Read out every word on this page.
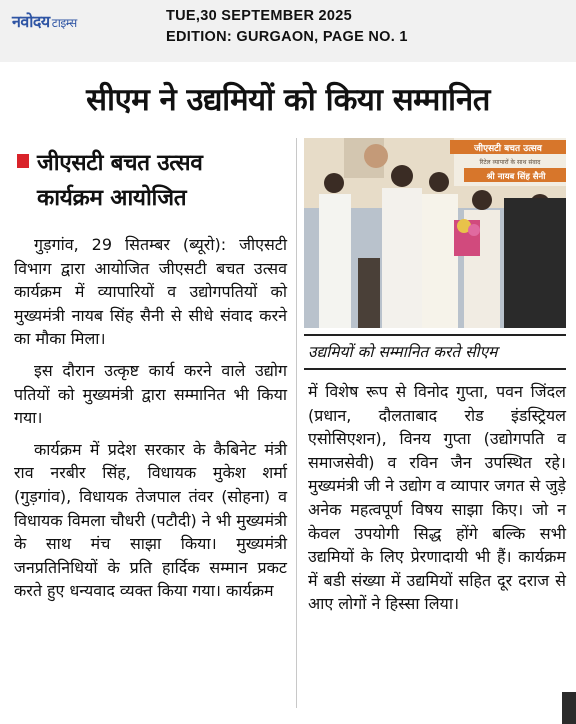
नवोदय टाइम्स	TUE,30 SEPTEMBER 2025
EDITION: GURGAON, PAGE NO. 1
सीएम ने उद्यमियों को किया सम्मानित
जीएसटी बचत उत्सव
कार्यक्रम आयोजित

गुड़गांव, 29 सितम्बर (ब्यूरो): जीएसटी विभाग द्वारा आयोजित जीएसटी बचत उत्सव कार्यक्रम में व्यापारियों व उद्योगपतियों को मुख्यमंत्री नायब सिंह सैनी से सीधे संवाद करने का मौका मिला।

इस दौरान उत्कृष्ट कार्य करने वाले उद्योग पतियों को मुख्यमंत्री द्वारा सम्मानित भी किया गया।

कार्यक्रम में प्रदेश सरकार के कैबिनेट मंत्री राव नरबीर सिंह, विधायक मुकेश शर्मा (गुड़गांव), विधायक तेजपाल तंवर (सोहना) व विधायक विमला चौधरी (पटौदी) ने भी मुख्यमंत्री के साथ मंच साझा किया। मुख्यमंत्री जनप्रतिनिधियों के प्रति हार्दिक सम्मान प्रकट करते हुए धन्यवाद व्यक्त किया गया। कार्यक्रम

जीएसटी बचत उत्सव
रिटेल व्यापारों के साथ संवाद
श्री नायब सिंह सैनी
उद्यमियों को सम्मानित करते सीएम

में विशेष रूप से विनोद गुप्ता, पवन जिंदल (प्रधान, दौलताबाद रोड इंडस्ट्रियल एसोसिएशन), विनय गुप्ता (उद्योगपति व समाजसेवी) व रविन जैन उपस्थित रहे। मुख्यमंत्री जी ने उद्योग व व्यापार जगत से जुड़े अनेक महत्वपूर्ण विषय साझा किए। जो न केवल उपयोगी सिद्ध होंगे बल्कि सभी उद्यमियों के लिए प्रेरणादायी भी हैं। कार्यक्रम में बडी संख्या में उद्यमियों सहित दूर दराज से आए लोगों ने हिस्सा लिया।
